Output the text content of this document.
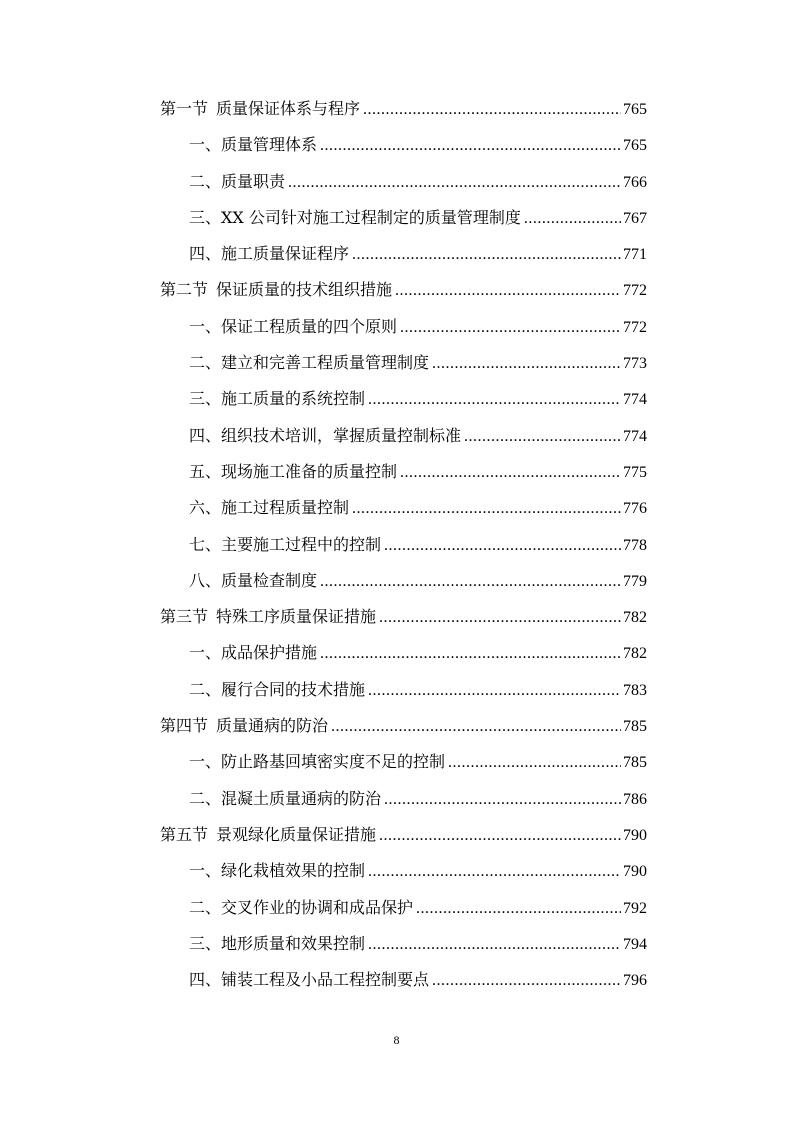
第一节 质量保证体系与程序 .....	765
一、质量管理体系 .....	765
二、质量职责 .....	766
三、XX 公司针对施工过程制定的质量管理制度 .....	767
四、施工质量保证程序 .....	771
第二节 保证质量的技术组织措施 .....	772
一、保证工程质量的四个原则 .....	772
二、建立和完善工程质量管理制度 .....	773
三、施工质量的系统控制 .....	774
四、组织技术培训，掌握质量控制标准 .....	774
五、现场施工准备的质量控制 .....	775
六、施工过程质量控制 .....	776
七、主要施工过程中的控制 .....	778
八、质量检查制度 .....	779
第三节 特殊工序质量保证措施 .....	782
一、成品保护措施 .....	782
二、履行合同的技术措施 .....	783
第四节 质量通病的防治 .....	785
一、防止路基回填密实度不足的控制 .....	785
二、混凝土质量通病的防治 .....	786
第五节 景观绿化质量保证措施 .....	790
一、绿化栽植效果的控制 .....	790
二、交叉作业的协调和成品保护 .....	792
三、地形质量和效果控制 .....	794
四、铺装工程及小品工程控制要点 .....	796
8
